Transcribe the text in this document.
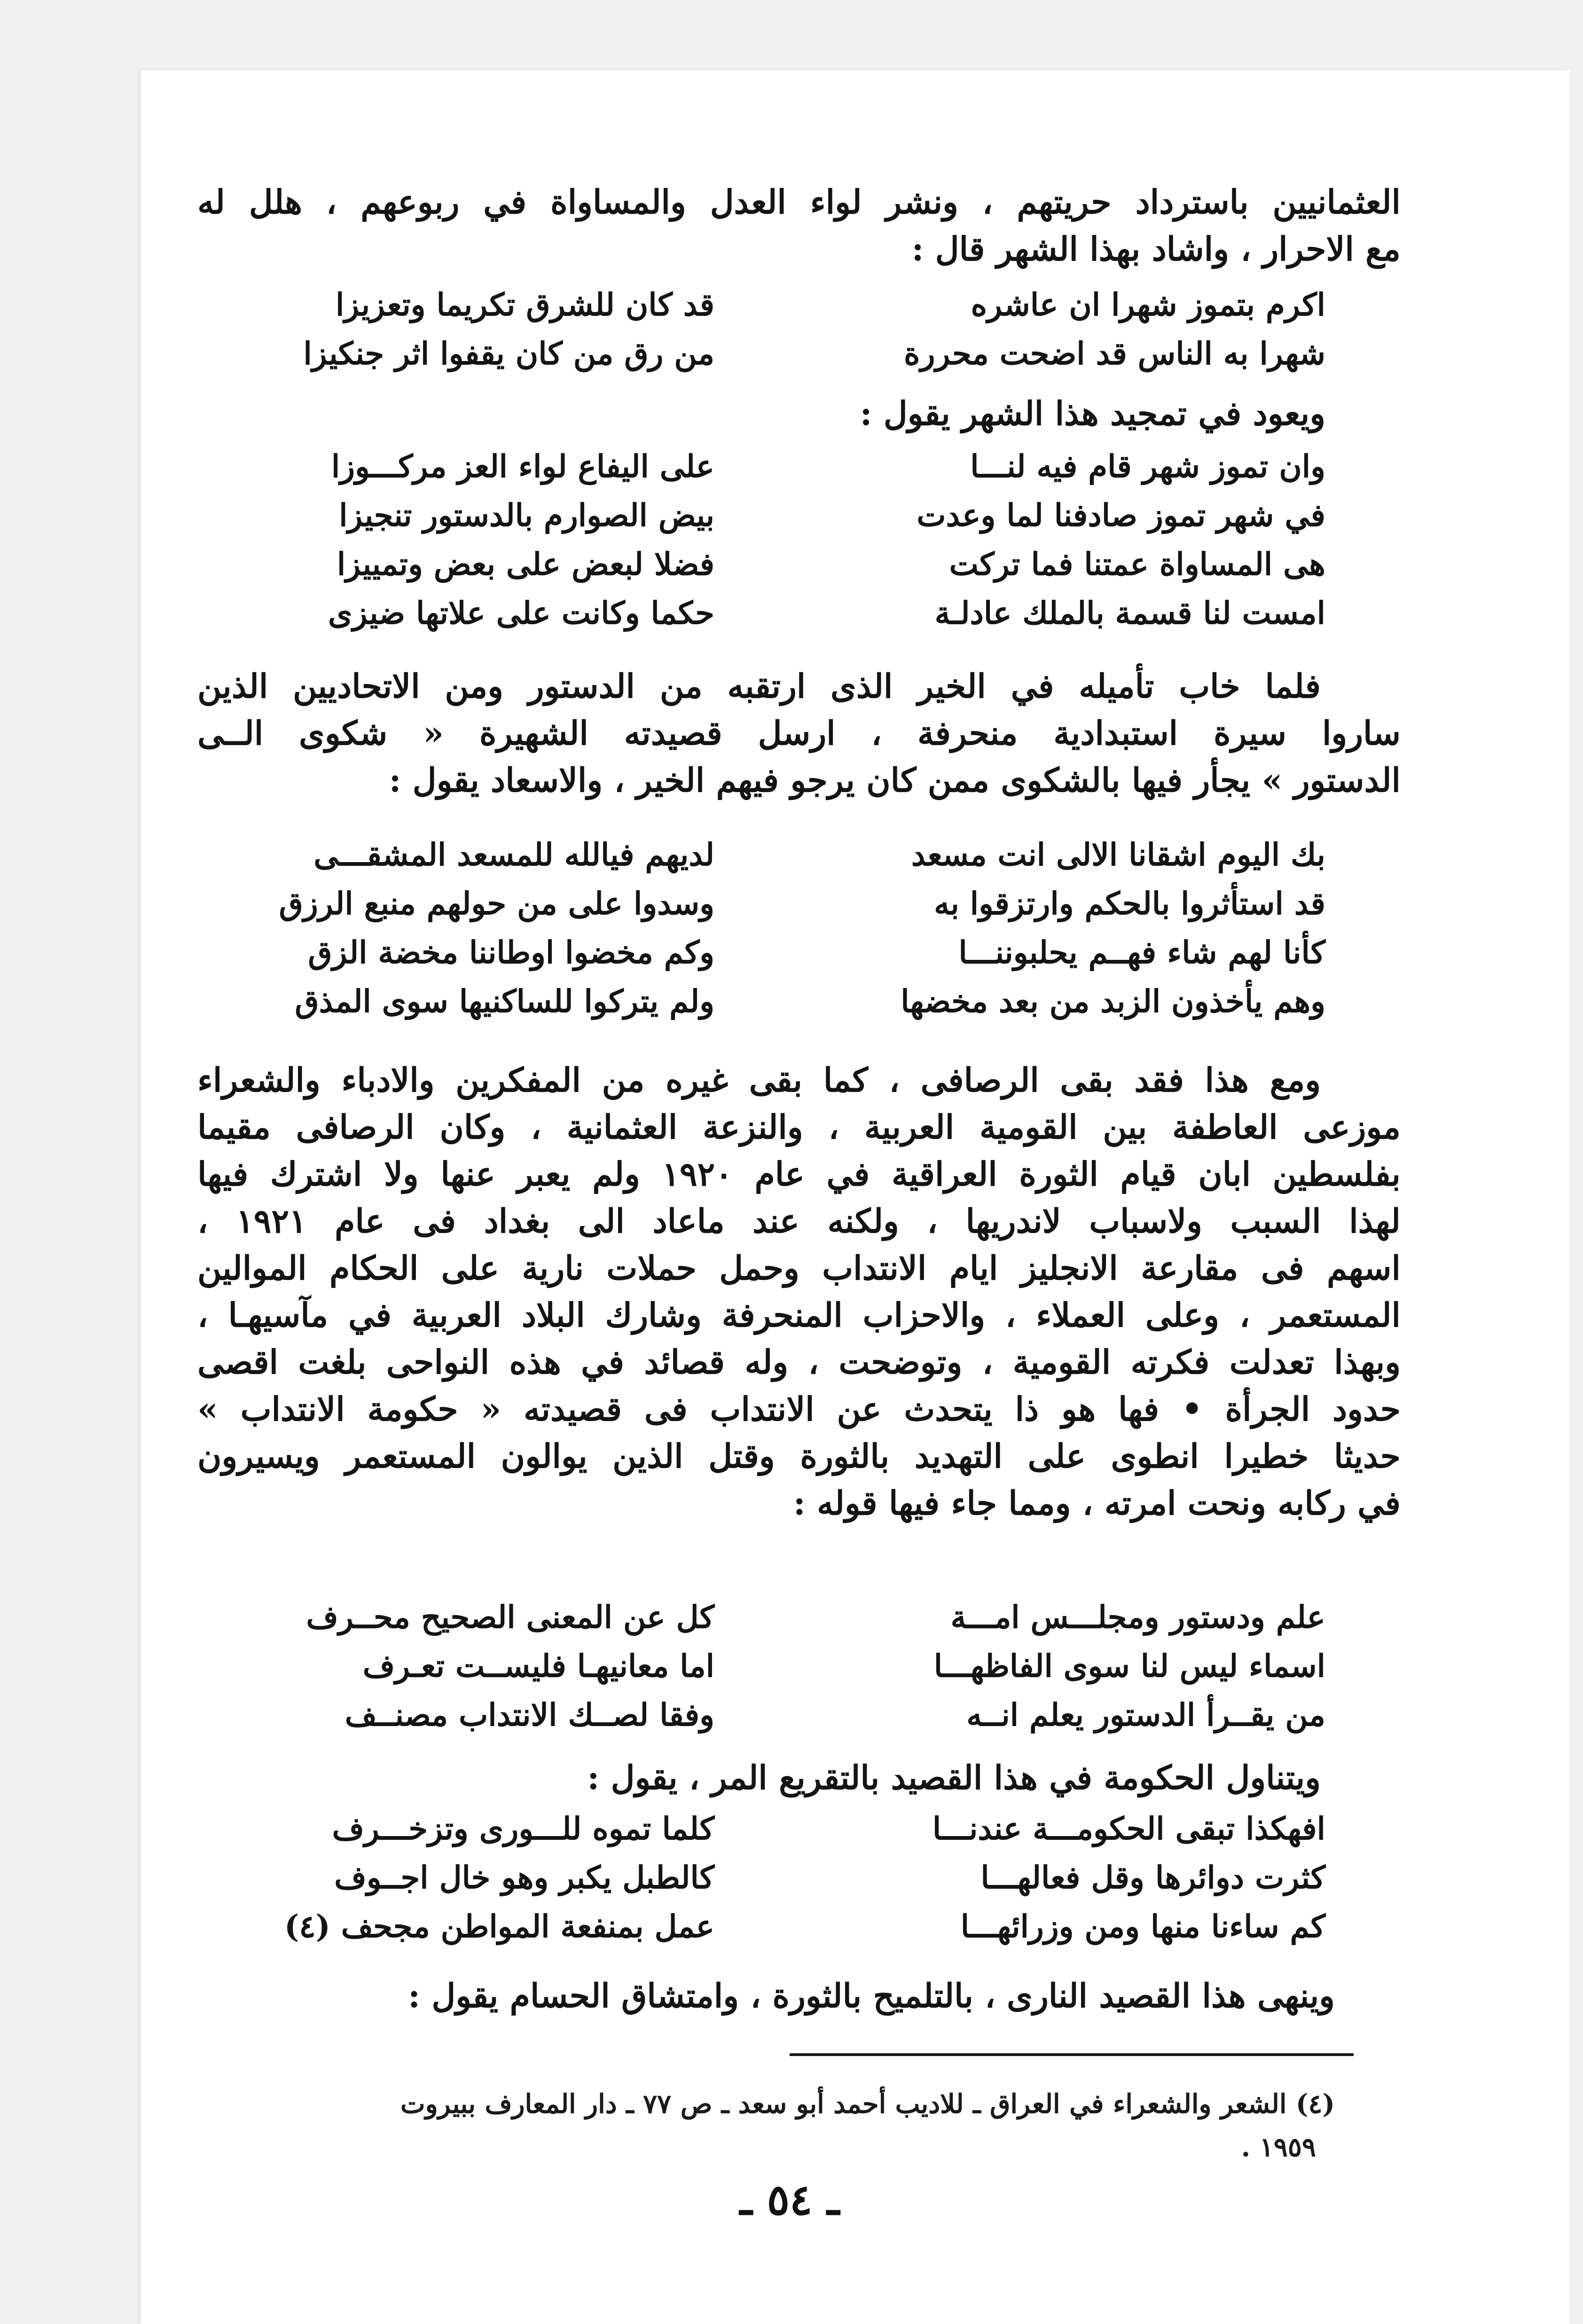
العثمانيين باسترداد حريتهم ، ونشر لواء العدل والمساواة في ربوعهم ، هلل له
مع الاحرار ، واشاد بهذا الشهر قال :
اكرم بتموز شهرا ان عاشره
قد كان للشرق تكريما وتعزيزا
شهرا به الناس قد اضحت محررة
من رق من كان يقفوا اثر جنكيزا
ويعود في تمجيد هذا الشهر يقول :
وان تموز شهر قام فيه لنـــا
على اليفاع لواء العز مركـــوزا
في شهر تموز صادفنا لما وعدت
بيض الصوارم بالدستور تنجيزا
هى المساواة عمتنا فما تركت
فضلا لبعض على بعض وتمييزا
امست لنا قسمة بالملك عادلـة
حكما وكانت على علاتها ضيزى
فلما خاب تأميله في الخير الذى ارتقبه من الدستور ومن الاتحاديين الذين
ساروا سيرة استبدادية منحرفة ، ارسل قصيدته الشهيرة « شكوى الــى
الدستور » يجأر فيها بالشكوى ممن كان يرجو فيهم الخير ، والاسعاد يقول :
بك اليوم اشقانا الالى انت مسعد
لديهم فيالله للمسعد المشقـــى
قد استأثروا بالحكم وارتزقوا به
وسدوا على من حولهم منبع الرزق
كأنا لهم شاء فهــم يحلبوننـــا
وكم مخضوا اوطاننا مخضة الزق
وهم يأخذون الزبد من بعد مخضها
ولم يتركوا للساكنيها سوى المذق
ومع هذا فقد بقى الرصافى ، كما بقى غيره من المفكرين والادباء والشعراء
موزعى العاطفة بين القومية العربية ، والنزعة العثمانية ، وكان الرصافى مقيما
بفلسطين ابان قيام الثورة العراقية في عام ١٩٢٠ ولم يعبر عنها ولا اشترك فيها
لهذا السبب ولاسباب لاندريها ، ولكنه عند ماعاد الى بغداد فى عام ١٩٢١ ،
اسهم فى مقارعة الانجليز ايام الانتداب وحمل حملات نارية على الحكام الموالين
المستعمر ، وعلى العملاء ، والاحزاب المنحرفة وشارك البلاد العربية في مآسيهـا ،
وبهذا تعدلت فكرته القومية ، وتوضحت ، وله قصائد في هذه النواحى بلغت اقصى
حدود الجرأة • فها هو ذا يتحدث عن الانتداب فى قصيدته « حكومة الانتداب »
حديثا خطيرا انطوى على التهديد بالثورة وقتل الذين يوالون المستعمر ويسيرون
في ركابه ونحت امرته ، ومما جاء فيها قوله :
علم ودستور ومجلـــس امـــة
كل عن المعنى الصحيح محــرف
اسماء ليس لنا سوى الفاظهـــا
اما معانيهـا فليســت تعـرف
من يقــرأ الدستور يعلم انــه
وفقا لصــك الانتداب مصنــف
ويتناول الحكومة في هذا القصيد بالتقريع المر ، يقول :
افهكذا تبقى الحكومـــة عندنـــا
كلما تموه للـــورى وتزخـــرف
كثرت دوائرها وقل فعالهـــا
كالطبل يكبر وهو خال اجــوف
كم ساءنا منها ومن وزرائهـــا
عمل بمنفعة المواطن مجحف (٤)
وينهى هذا القصيد النارى ، بالتلميح بالثورة ، وامتشاق الحسام يقول :
(٤) الشعر والشعراء في العراق ـ للاديب أحمد أبو سعد ـ ص ٧٧ ـ دار المعارف ببيروت
١٩٥٩ .
ـ ٥٤ ـ
